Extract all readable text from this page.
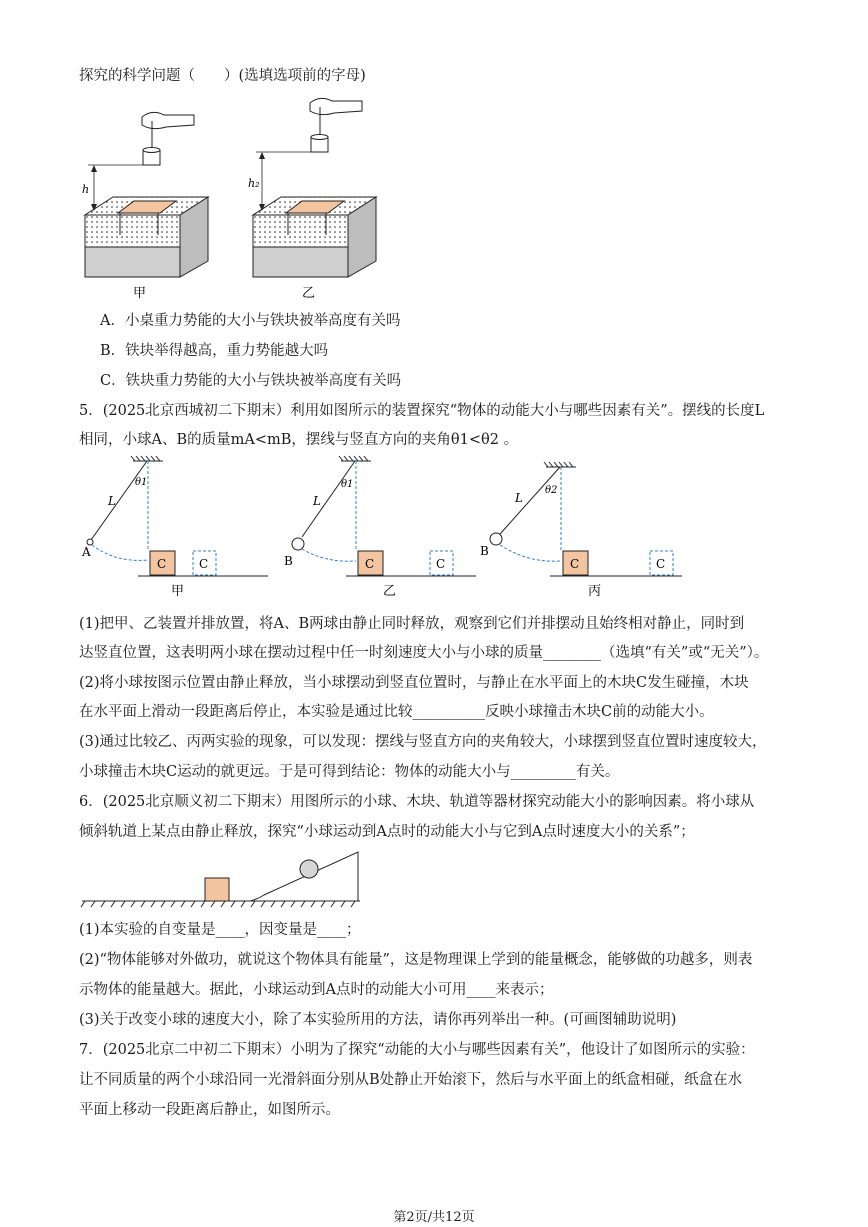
探究的科学问题（　　）(选填选项前的字母)
h
甲
h₂
乙
A．小桌重力势能的大小与铁块被举高度有关吗
B．铁块举得越高，重力势能越大吗
C．铁块重力势能的大小与铁块被举高度有关吗
5．(2025北京西城初二下期末）利用如图所示的装置探究“物体的动能大小与哪些因素有关”。摆线的长度L
相同，小球A、B的质量mA<mB，摆线与竖直方向的夹角θ1<θ2 。
A
L
θ1
C	C
甲
B
L
θ1
C	C
乙
B
L
θ2
C	C
丙
(1)把甲、乙装置并排放置，将A、B两球由静止同时释放，观察到它们并排摆动且始终相对静止，同时到
达竖直位置，这表明两小球在摆动过程中任一时刻速度大小与小球的质量________（选填“有关”或“无关”）。
(2)将小球按图示位置由静止释放，当小球摆动到竖直位置时，与静止在水平面上的木块C发生碰撞，木块
在水平面上滑动一段距离后停止，本实验是通过比较__________反映小球撞击木块C前的动能大小。
(3)通过比较乙、丙两实验的现象，可以发现：摆线与竖直方向的夹角较大，小球摆到竖直位置时速度较大，
小球撞击木块C运动的就更远。于是可得到结论：物体的动能大小与_________有关。
6．(2025北京顺义初二下期末）用图所示的小球、木块、轨道等器材探究动能大小的影响因素。将小球从
倾斜轨道上某点由静止释放，探究“小球运动到A点时的动能大小与它到A点时速度大小的关系”；
(1)本实验的自变量是____，因变量是____；
(2)“物体能够对外做功，就说这个物体具有能量”，这是物理课上学到的能量概念，能够做的功越多，则表
示物体的能量越大。据此，小球运动到A点时的动能大小可用____来表示；
(3)关于改变小球的速度大小，除了本实验所用的方法，请你再列举出一种。(可画图辅助说明)
7．(2025北京二中初二下期末）小明为了探究“动能的大小与哪些因素有关”，他设计了如图所示的实验：
让不同质量的两个小球沿同一光滑斜面分别从B处静止开始滚下，然后与水平面上的纸盒相碰，纸盒在水
平面上移动一段距离后静止，如图所示。
第2页/共12页
